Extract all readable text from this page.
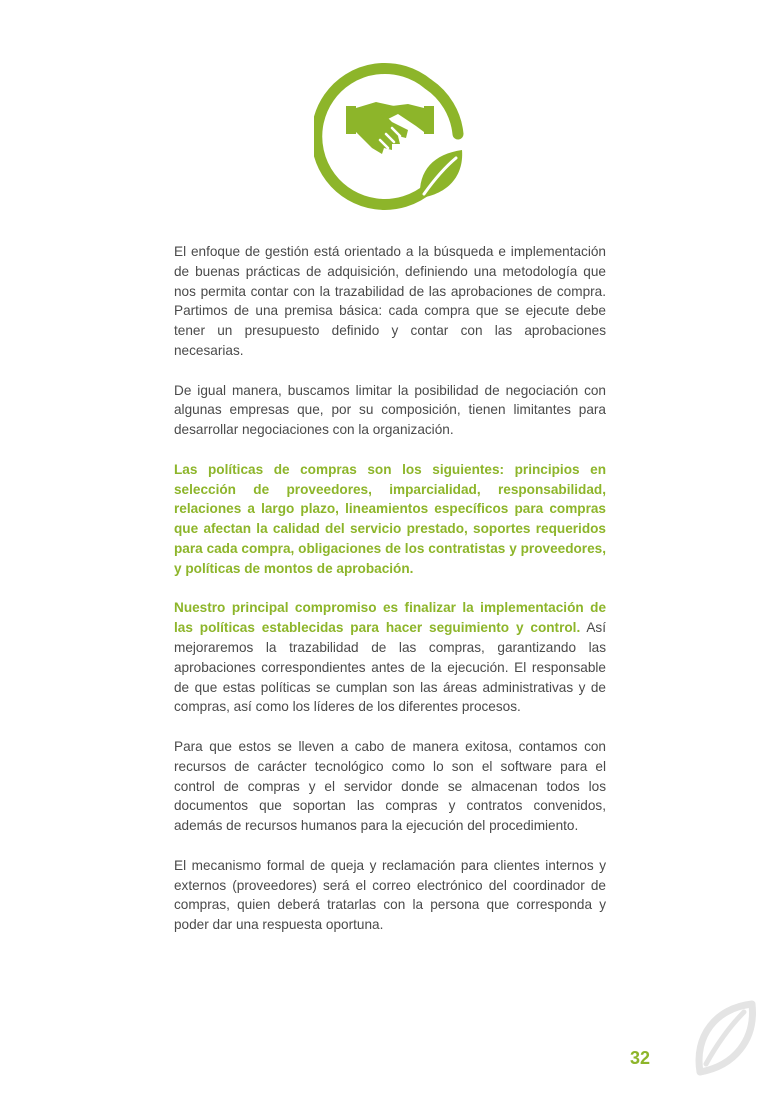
El enfoque de gestión está orientado a la búsqueda e implementación de buenas prácticas de adquisición, definiendo una metodología que nos permita contar con la trazabilidad de las aprobaciones de compra. Partimos de una premisa básica: cada compra que se ejecute debe tener un presupuesto definido y contar con las aprobaciones necesarias.

De igual manera, buscamos limitar la posibilidad de negociación con algunas empresas que, por su composición, tienen limitantes para desarrollar negociaciones con la organización.

Las políticas de compras son los siguientes: principios en selección de proveedores, imparcialidad, responsabilidad, relaciones a largo plazo, lineamientos específicos para compras que afectan la calidad del servicio prestado, soportes requeridos para cada compra, obligaciones de los contratistas y proveedores, y políticas de montos de aprobación.

Nuestro principal compromiso es finalizar la implementación de las políticas establecidas para hacer seguimiento y control. Así mejoraremos la trazabilidad de las compras, garantizando las aprobaciones correspondientes antes de la ejecución. El responsable de que estas políticas se cumplan son las áreas administrativas y de compras, así como los líderes de los diferentes procesos.

Para que estos se lleven a cabo de manera exitosa, contamos con recursos de carácter tecnológico como lo son el software para el control de compras y el servidor donde se almacenan todos los documentos que soportan las compras y contratos convenidos, además de recursos humanos para la ejecución del procedimiento.

El mecanismo formal de queja y reclamación para clientes internos y externos (proveedores) será el correo electrónico del coordinador de compras, quien deberá tratarlas con la persona que corresponda y poder dar una respuesta oportuna.

32
